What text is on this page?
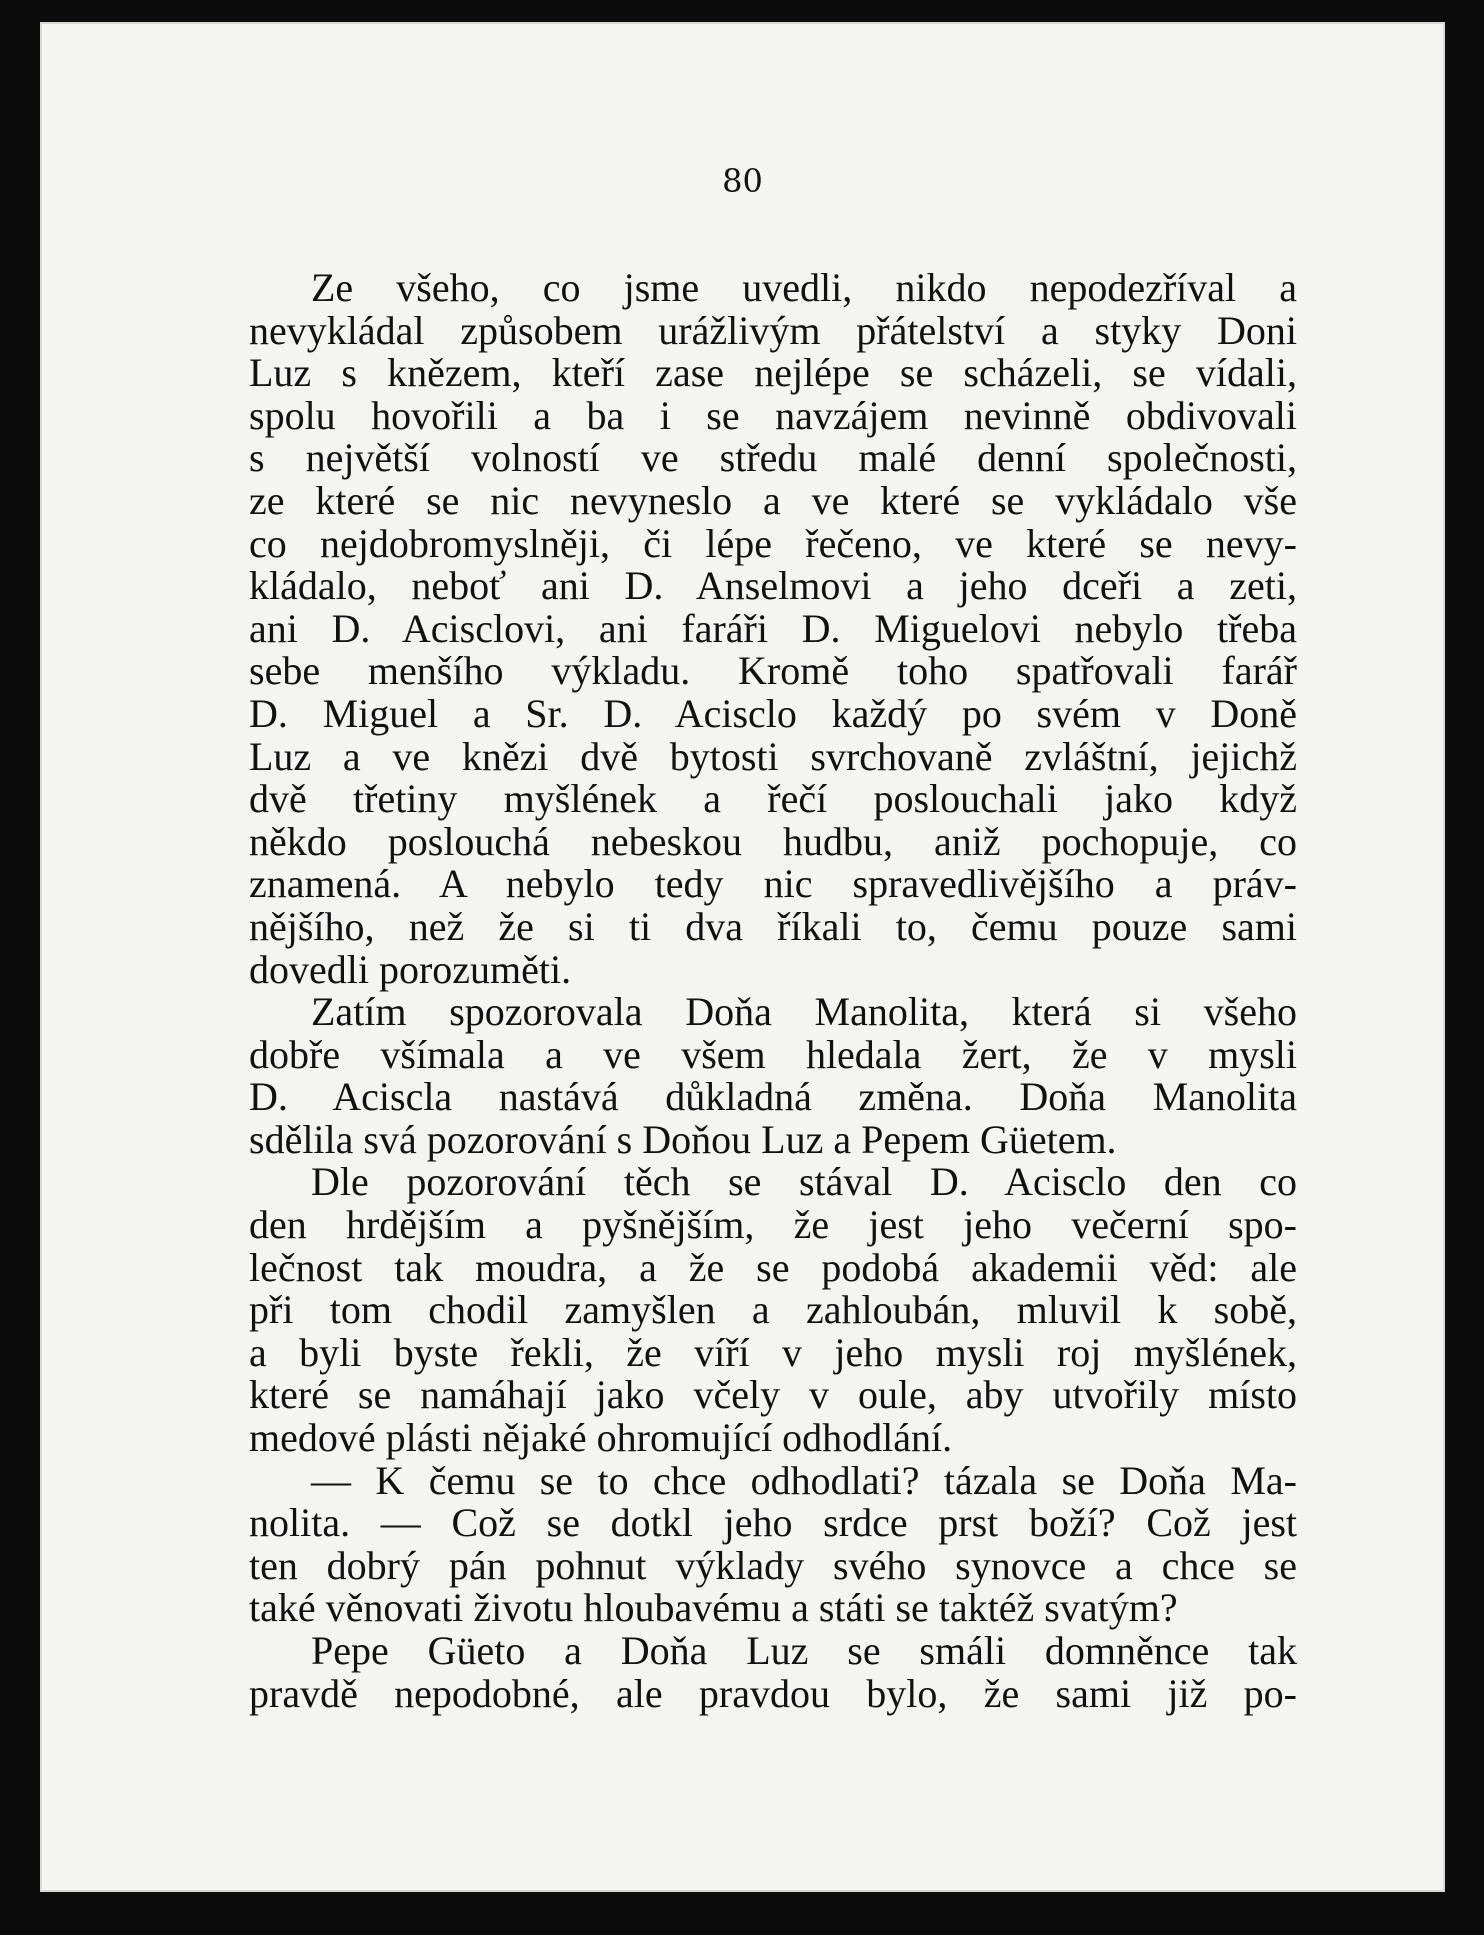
80
Ze všeho, co jsme uvedli, nikdo nepodezříval a
nevykládal způsobem urážlivým přátelství a styky Doni
Luz s knězem, kteří zase nejlépe se scházeli, se vídali,
spolu hovořili a ba i se navzájem nevinně obdivovali
s největší volností ve středu malé denní společnosti,
ze které se nic nevyneslo a ve které se vykládalo vše
co nejdobromyslněji, či lépe řečeno, ve které se nevy-
kládalo, neboť ani D. Anselmovi a jeho dceři a zeti,
ani D. Acisclovi, ani faráři D. Miguelovi nebylo třeba
sebe menšího výkladu. Kromě toho spatřovali farář
D. Miguel a Sr. D. Acisclo každý po svém v Doně
Luz a ve knězi dvě bytosti svrchovaně zvláštní, jejichž
dvě třetiny myšlének a řečí poslouchali jako když
někdo poslouchá nebeskou hudbu, aniž pochopuje, co
znamená. A nebylo tedy nic spravedlivějšího a práv-
nějšího, než že si ti dva říkali to, čemu pouze sami
dovedli porozuměti.
Zatím spozorovala Doňa Manolita, která si všeho
dobře všímala a ve všem hledala žert, že v mysli
D. Aciscla nastává důkladná změna. Doňa Manolita
sdělila svá pozorování s Doňou Luz a Pepem Güetem.
Dle pozorování těch se stával D. Acisclo den co
den hrdějším a pyšnějším, že jest jeho večerní spo-
lečnost tak moudra, a že se podobá akademii věd: ale
při tom chodil zamyšlen a zahloubán, mluvil k sobě,
a byli byste řekli, že víří v jeho mysli roj myšlének,
které se namáhají jako včely v oule, aby utvořily místo
medové plásti nějaké ohromující odhodlání.
— K čemu se to chce odhodlati? tázala se Doňa Ma-
nolita. — Což se dotkl jeho srdce prst boží? Což jest
ten dobrý pán pohnut výklady svého synovce a chce se
také věnovati životu hloubavému a státi se taktéž svatým?
Pepe Güeto a Doňa Luz se smáli domněnce tak
pravdě nepodobné, ale pravdou bylo, že sami již po-
